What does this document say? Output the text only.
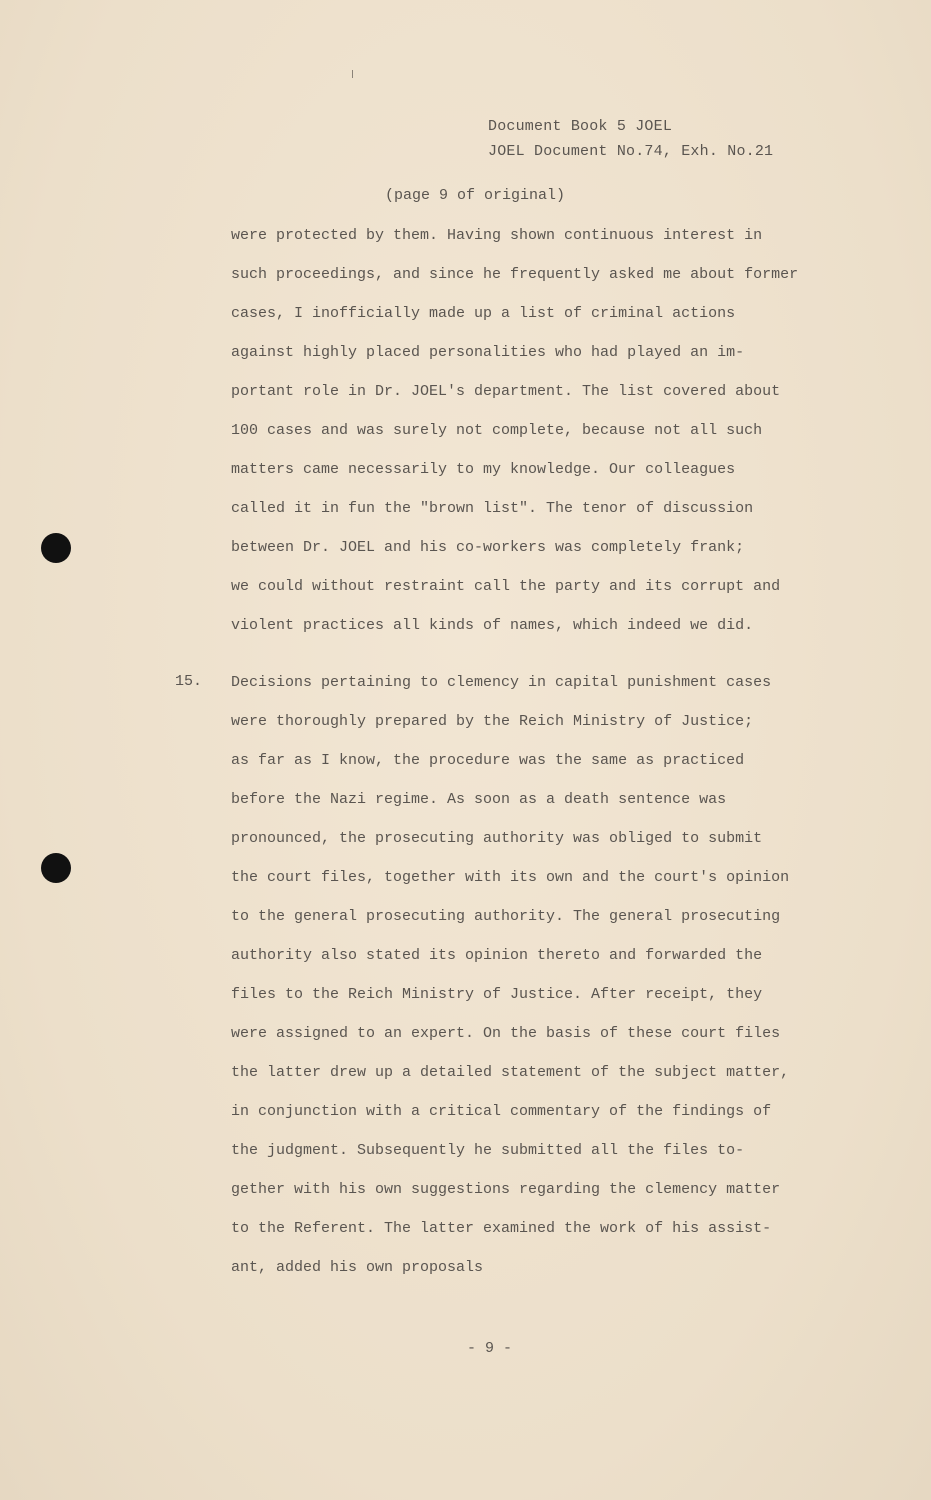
Document Book 5 JOEL
JOEL Document No.74, Exh. No.21
(page 9 of original)
were protected by them. Having shown continuous interest in
such proceedings, and since he frequently asked me about former
cases, I inofficially made up a list of criminal actions
against highly placed personalities who had played an im-
portant role in Dr. JOEL's department. The list covered about
100 cases and was surely not complete, because not all such
matters came necessarily to my knowledge. Our colleagues
called it in fun the "brown list". The tenor of discussion
between Dr. JOEL and his co-workers was completely frank;
we could without restraint call the party and its corrupt and
violent practices all kinds of names, which indeed we did.
15. Decisions pertaining to clemency in capital punishment cases
were thoroughly prepared by the Reich Ministry of Justice;
as far as I know, the procedure was the same as practiced
before the Nazi regime. As soon as a death sentence was
pronounced, the prosecuting authority was obliged to submit
the court files, together with its own and the court's opinion
to the general prosecuting authority. The general prosecuting
authority also stated its opinion thereto and forwarded the
files to the Reich Ministry of Justice. After receipt, they
were assigned to an expert. On the basis of these court files
the latter drew up a detailed statement of the subject matter,
in conjunction with a critical commentary of the findings of
the judgment. Subsequently he submitted all the files to-
gether with his own suggestions regarding the clemency matter
to the Referent. The latter examined the work of his assist-
ant, added his own proposals
- 9 -
